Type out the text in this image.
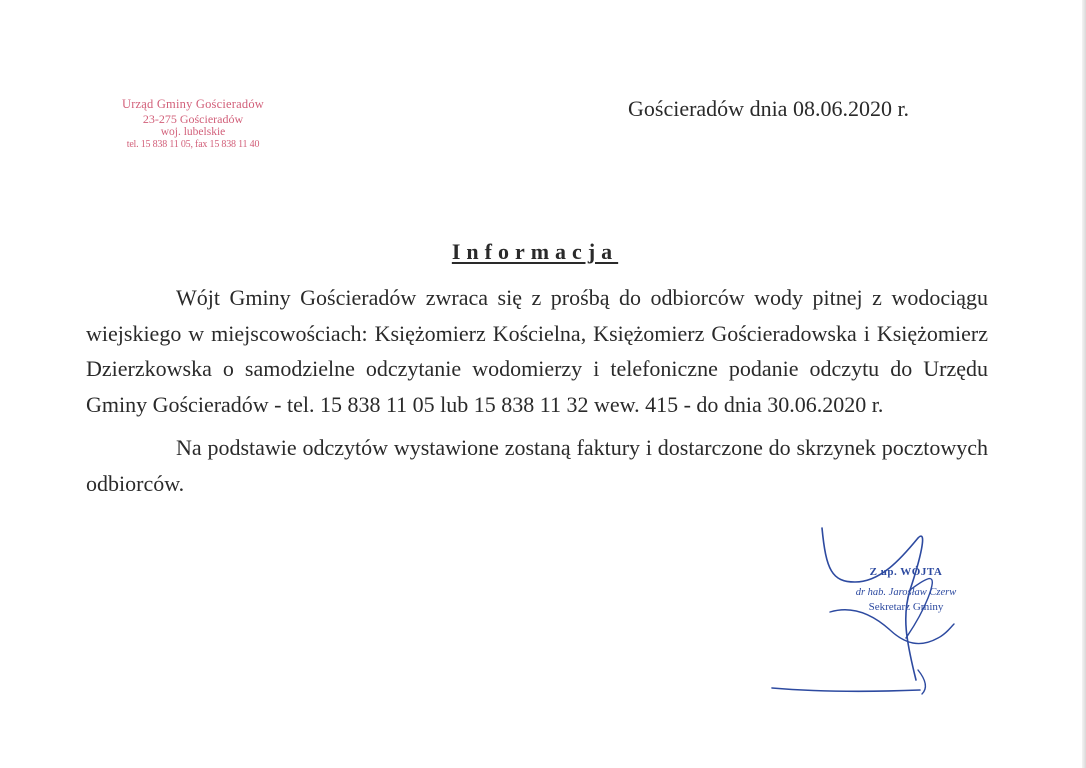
Urząd Gminy Gościeradów
23-275 Gościeradów
woj. lubelskie
tel. 15 838 11 05, fax 15 838 11 40
Gościeradów dnia 08.06.2020 r.
Informacja

Wójt Gminy Gościeradów zwraca się z prośbą do odbiorców wody pitnej z wodociągu wiejskiego w miejscowościach: Księżomierz Kościelna, Księżomierz Gościeradowska i Księżomierz Dzierzkowska o samodzielne odczytanie wodomierzy i telefoniczne podanie odczytu do Urzędu Gminy Gościeradów - tel. 15 838 11 05 lub 15 838 11 32 wew. 415 - do dnia 30.06.2020 r.

Na podstawie odczytów wystawione zostaną faktury i dostarczone do skrzynek pocztowych odbiorców.

Z up. WÓJTA
dr hab. Jarosław Czerw
Sekretarz Gminy
